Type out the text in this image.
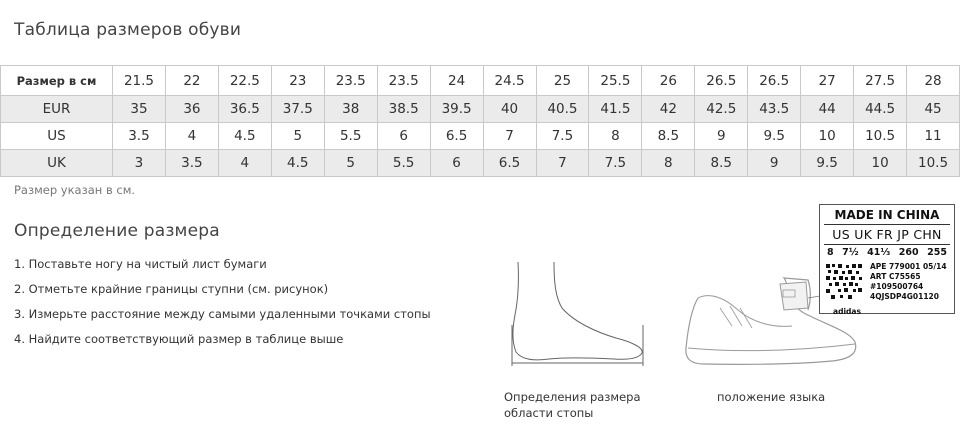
Таблица размеров обуви
Размер в см	21.5	22	22.5	23	23.5	23.5	24	24.5	25	25.5	26	26.5	26.5	27	27.5	28
EUR	35	36	36.5	37.5	38	38.5	39.5	40	40.5	41.5	42	42.5	43.5	44	44.5	45
US	3.5	4	4.5	5	5.5	6	6.5	7	7.5	8	8.5	9	9.5	10	10.5	11
UK	3	3.5	4	4.5	5	5.5	6	6.5	7	7.5	8	8.5	9	9.5	10	10.5
Размер указан в см.
Определение размера
1. Поставьте ногу на чистый лист бумаги
2. Отметьте крайние границы ступни (см. рисунок)
3. Измерьте расстояние между самыми удаленными точками стопы
4. Найдите соответствующий размер в таблице выше
Определения размера
области стопы
положение языка
MADE IN CHINA
US UK FR JP CHN
8 7½ 41⅓ 260 255
adidas
APE 779001 05/14
ART C75565
#109500764
4QJSDP4G01120
